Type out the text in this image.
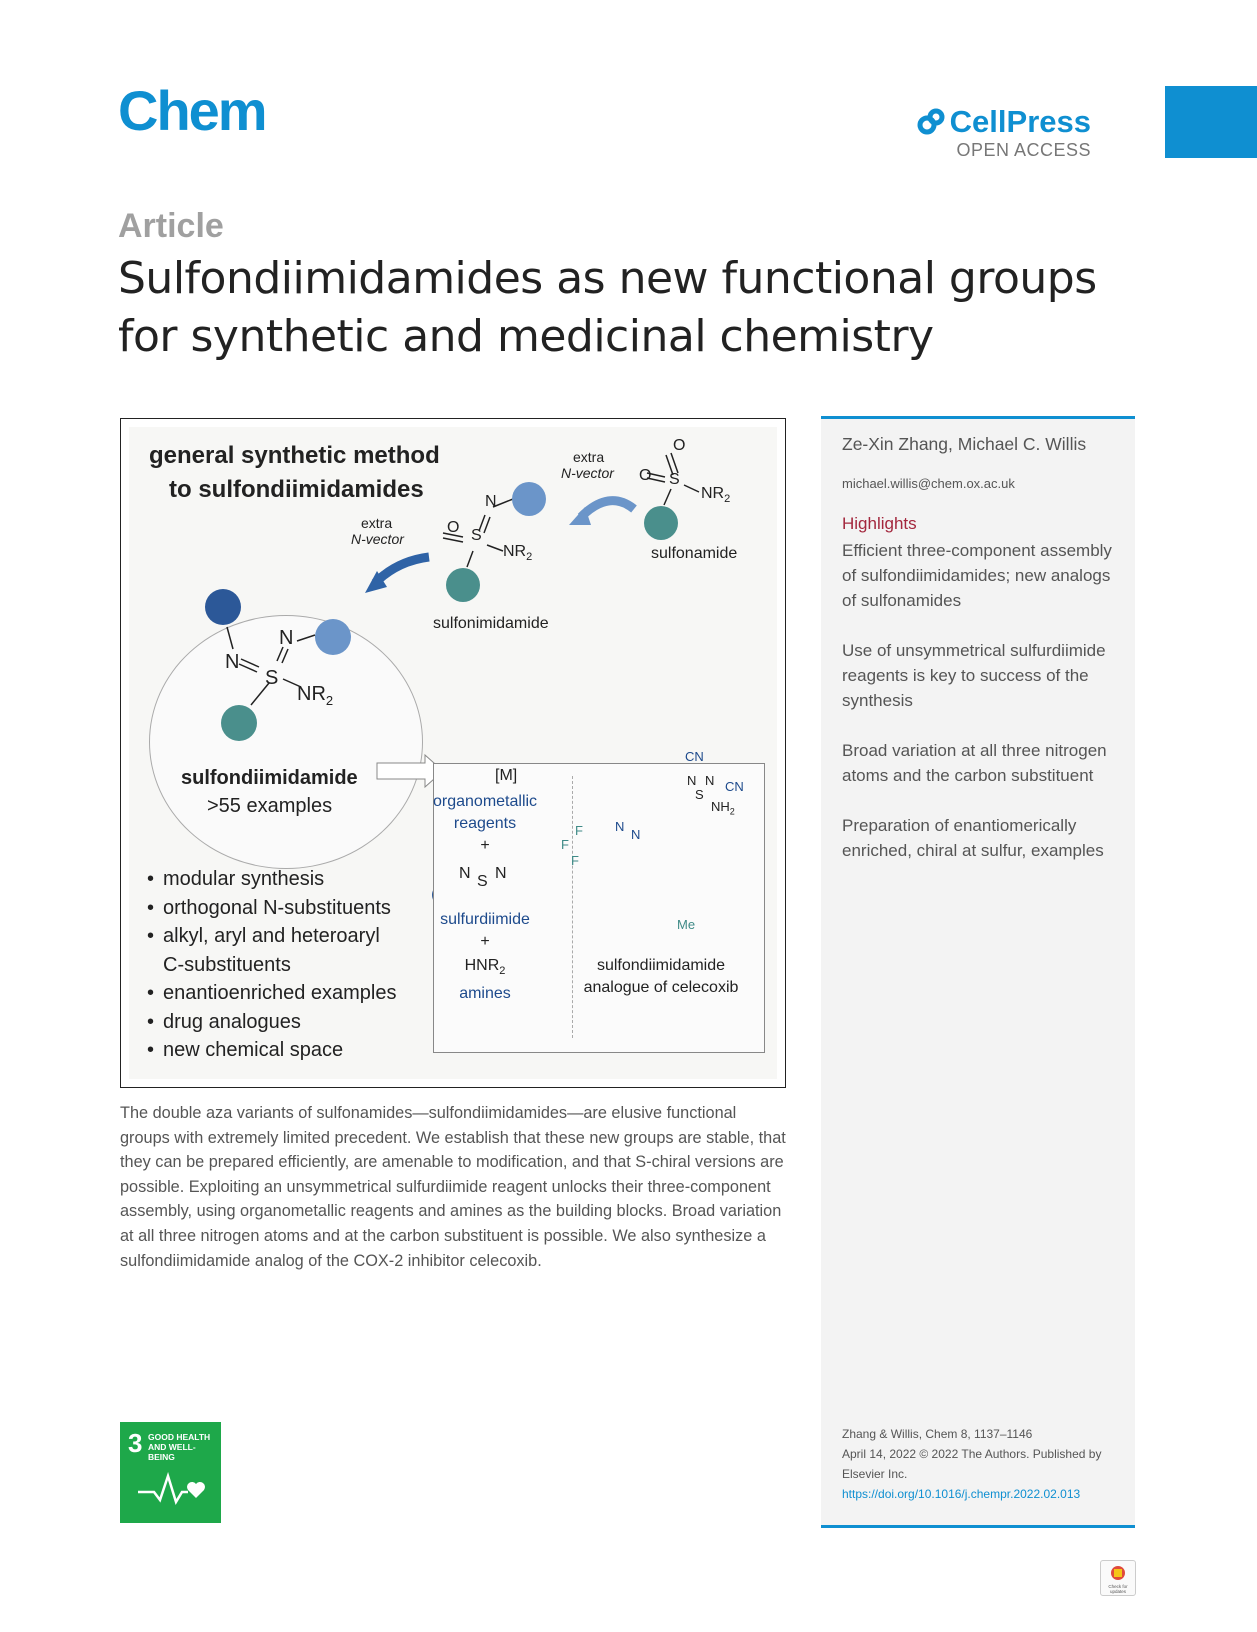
Chem	CellPress
OPEN ACCESS
Article
Sulfondiimidamides as new functional groups for synthetic and medicinal chemistry
general synthetic method
to sulfondiimidamides
extra
N-vector
extra
N-vector
O
O S
$NR_2$
sulfonamide
N
O S
$NR_2$
sulfonimidamide
N
N
S
$NR_2$
sulfondiimidamide
>55 examples
• modular synthesis
• orthogonal N-substituents
• alkyl, aryl and heteroaryl
C-substituents
• enantioenriched examples
• drug analogues
• new chemical space
[M]
organometallic
reagents
+
N S N
sulfurdiimide
+
$HNR_2$
amines
CN
N N CN
S
$NH_2$
N
N
F
F
F
Me
sulfondiimidamide
analogue of celecoxib

The double aza variants of sulfonamides—sulfondiimidamides—are elusive functional groups with extremely limited precedent. We establish that these new groups are stable, that they can be prepared efficiently, are amenable to modification, and that S-chiral versions are possible. Exploiting an unsymmetrical sulfurdiimide reagent unlocks their three-component assembly, using organometallic reagents and amines as the building blocks. Broad variation at all three nitrogen atoms and at the carbon substituent is possible. We also synthesize a sulfondiimidamide analog of the COX-2 inhibitor celecoxib.

Ze-Xin Zhang, Michael C. Willis
michael.willis@chem.ox.ac.uk
Highlights
Efficient three-component assembly of sulfondiimidamides; new analogs of sulfonamides
Use of unsymmetrical sulfurdiimide reagents is key to success of the synthesis
Broad variation at all three nitrogen atoms and the carbon substituent
Preparation of enantiomerically enriched, chiral at sulfur, examples
Zhang & Willis, Chem 8, 1137–1146
April 14, 2022 © 2022 The Authors. Published by Elsevier Inc.
https://doi.org/10.1016/j.chempr.2022.02.013
3 GOOD HEALTH
AND WELL-BEING
Check for
updates
